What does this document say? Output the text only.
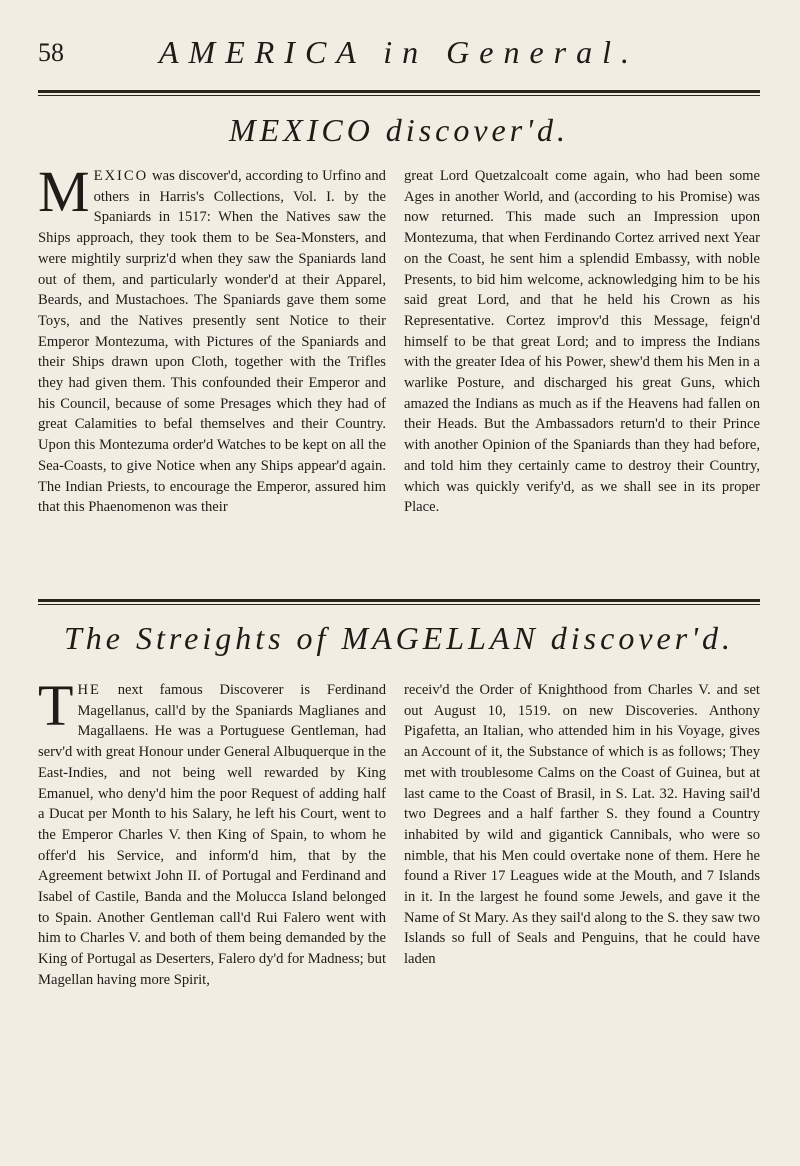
58	AMERICA in General.
MEXICO discover'd.

M EXICO was discover'd, according to Urfino and others in Harris's Collections, Vol. I. by the Spaniards in 1517: When the Natives saw the Ships approach, they took them to be Sea-Monsters, and were mightily surpriz'd when they saw the Spaniards land out of them, and particularly wonder'd at their Apparel, Beards, and Mustachoes. The Spaniards gave them some Toys, and the Natives presently sent Notice to their Emperor Montezuma, with Pictures of the Spaniards and their Ships drawn upon Cloth, together with the Trifles they had given them. This confounded their Emperor and his Council, because of some Presages which they had of great Calamities to befal themselves and their Country. Upon this Montezuma order'd Watches to be kept on all the Sea-Coasts, to give Notice when any Ships appear'd again. The Indian Priests, to encourage the Emperor, assured him that this Phaenomenon was their

great Lord Quetzalcoalt come again, who had been some Ages in another World, and (according to his Promise) was now returned. This made such an Impression upon Montezuma, that when Ferdinando Cortez arrived next Year on the Coast, he sent him a splendid Embassy, with noble Presents, to bid him welcome, acknowledging him to be his said great Lord, and that he held his Crown as his Representative. Cortez improv'd this Message, feign'd himself to be that great Lord; and to impress the Indians with the greater Idea of his Power, shew'd them his Men in a warlike Posture, and discharged his great Guns, which amazed the Indians as much as if the Heavens had fallen on their Heads. But the Ambassadors return'd to their Prince with another Opinion of the Spaniards than they had before, and told him they certainly came to destroy their Country, which was quickly verify'd, as we shall see in its proper Place.

The Streights of MAGELLAN discover'd.

T HE next famous Discoverer is Ferdinand Magellanus, call'd by the Spaniards Maglianes and Magallaens. He was a Portuguese Gentleman, had serv'd with great Honour under General Albuquerque in the East-Indies, and not being well rewarded by King Emanuel, who deny'd him the poor Request of adding half a Ducat per Month to his Salary, he left his Court, went to the Emperor Charles V. then King of Spain, to whom he offer'd his Service, and inform'd him, that by the Agreement betwixt John II. of Portugal and Ferdinand and Isabel of Castile, Banda and the Molucca Island belonged to Spain. Another Gentleman call'd Rui Falero went with him to Charles V. and both of them being demanded by the King of Portugal as Deserters, Falero dy'd for Madness; but Magellan having more Spirit,

receiv'd the Order of Knighthood from Charles V. and set out August 10, 1519. on new Discoveries. Anthony Pigafetta, an Italian, who attended him in his Voyage, gives an Account of it, the Substance of which is as follows; They met with troublesome Calms on the Coast of Guinea, but at last came to the Coast of Brasil, in S. Lat. 32. Having sail'd two Degrees and a half farther S. they found a Country inhabited by wild and gigantick Cannibals, who were so nimble, that his Men could overtake none of them. Here he found a River 17 Leagues wide at the Mouth, and 7 Islands in it. In the largest he found some Jewels, and gave it the Name of St Mary. As they sail'd along to the S. they saw two Islands so full of Seals and Penguins, that he could have laden
